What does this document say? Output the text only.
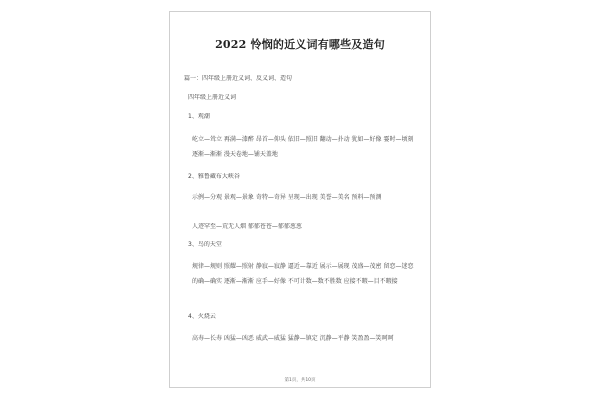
2022 怜悯的近义词有哪些及造句
篇一：四年级上册近义词、反义词、造句
四年级上册近义词
1、观潮
屹立—耸立 再满—漆醉 昂首—仰头 依旧—照旧 翻动—扑动 犹如—好像 霎时—顷刻 逐渐—渐渐 漫天卷地—铺天盖地
2、雅鲁藏布大峡谷
示例—分观 景观—景象 奇特—奇异 呈现—出现 美誉—美名 预料—预测
人迹罕至—荒无人烟 郁郁苍苍—郁郁葱葱
3、鸟的天堂
规律—规则 照耀—照射 静寂—寂静 逼近—靠近 展示—展现 茂盛—茂密 留恋—迷恋 的确—确实 逐渐—渐渐 应手—好像 不可计数—数不胜数 应接不暇—目不暇接
4、火烧云
高寿—长寿 凶猛—凶恶 威武—威猛 猛静—镇定 沉静—平静 笑盈盈—笑呵呵
第1页，共10页
